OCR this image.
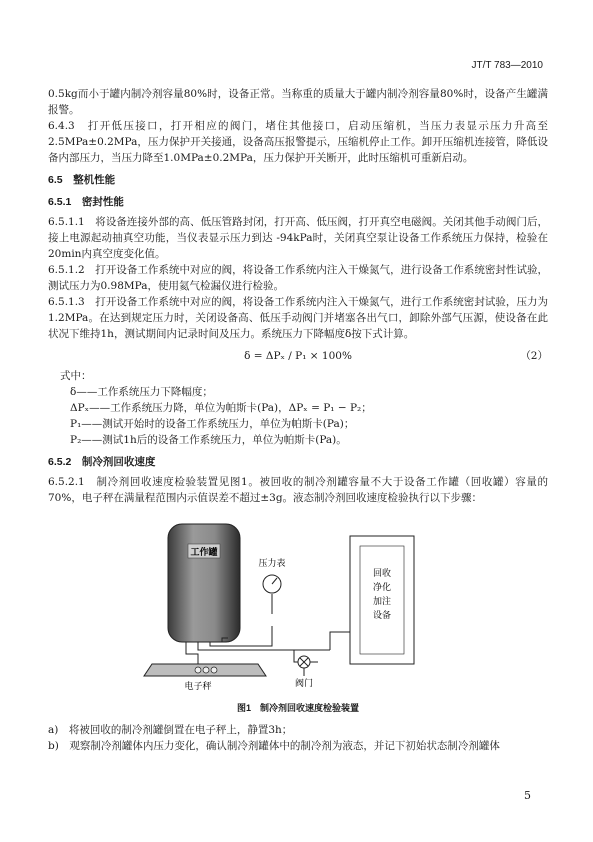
JT/T 783—2010

0.5kg而小于罐内制冷剂容量80%时，设备正常。当称重的质量大于罐内制冷剂容量80%时，设备产生罐满报警。

6.4.3　打开低压接口，打开相应的阀门，堵住其他接口，启动压缩机，当压力表显示压力升高至2.5MPa±0.2MPa，压力保护开关接通，设备高压报警提示，压缩机停止工作。卸开压缩机连接管，降低设备内部压力，当压力降至1.0MPa±0.2MPa，压力保护开关断开，此时压缩机可重新启动。

6.5　整机性能
6.5.1　密封性能

6.5.1.1　将设备连接外部的高、低压管路封闭，打开高、低压阀，打开真空电磁阀。关闭其他手动阀门后，接上电源起动抽真空功能，当仪表显示压力到达 -94kPa时，关闭真空泵让设备工作系统压力保持，检验在20min内真空度变化值。

6.5.1.2　打开设备工作系统中对应的阀，将设备工作系统内注入干燥氮气，进行设备工作系统密封性试验，测试压力为0.98MPa，使用氦气检漏仪进行检验。

6.5.1.3　打开设备工作系统中对应的阀，将设备工作系统内注入干燥氮气，进行工作系统密封试验，压力为1.2MPa。在达到规定压力时，关闭设备高、低压手动阀门并堵塞各出气口，卸除外部气压源，使设备在此状况下维持1h，测试期间内记录时间及压力。系统压力下降幅度δ按下式计算。

δ = ΔPₓ / P₁ × 100%	（2）
式中：
δ——工作系统压力下降幅度；
ΔPₓ——工作系统压力降，单位为帕斯卡(Pa)，ΔPₓ = P₁ − P₂；
P₁——测试开始时的设备工作系统压力，单位为帕斯卡(Pa)；
P₂——测试1h后的设备工作系统压力，单位为帕斯卡(Pa)。
6.5.2　制冷剂回收速度

6.5.2.1　制冷剂回收速度检验装置见图1。被回收的制冷剂罐容量不大于设备工作罐（回收罐）容量的70%，电子秤在满量程范围内示值误差不超过±3g。液态制冷剂回收速度检验执行以下步骤：

工作罐
电子秤
压力表
阀门
回收
净化
加注
设备
图1　制冷剂回收速度检验装置
a)　将被回收的制冷剂罐倒置在电子秤上，静置3h；
b)　观察制冷剂罐体内压力变化，确认制冷剂罐体中的制冷剂为液态，并记下初始状态制冷剂罐体
5
